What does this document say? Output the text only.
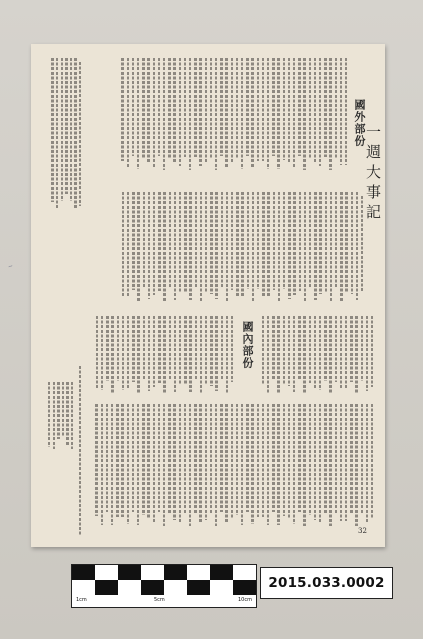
一週大事記
國外部份
國內部份
32
~
1cm	5cm	10cm
2015.033.0002
